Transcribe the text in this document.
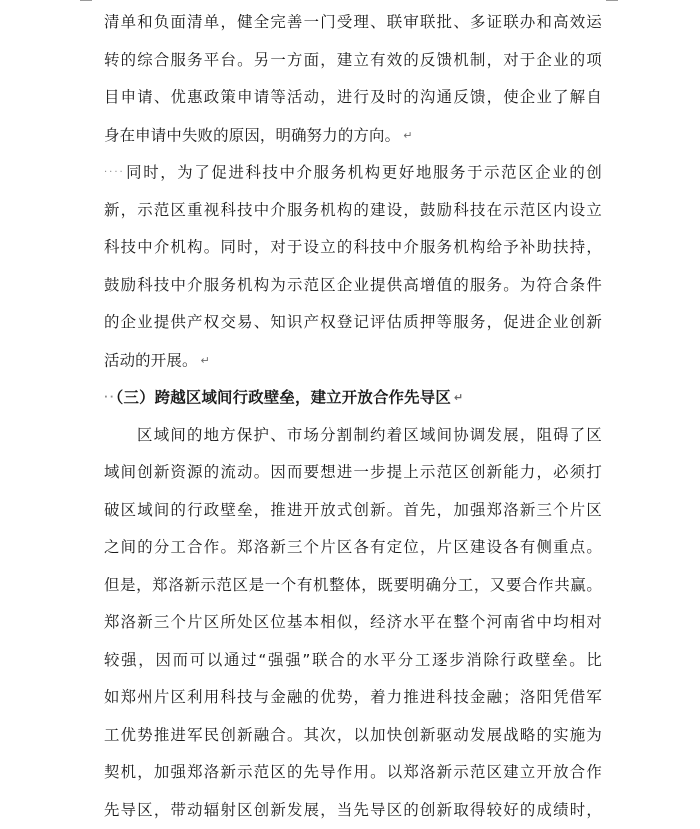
清单和负面清单，健全完善一门受理、联审联批、多证联办和高效运
转的综合服务平台。另一方面，建立有效的反馈机制，对于企业的项
目申请、优惠政策申请等活动，进行及时的沟通反馈，使企业了解自
身在申请中失败的原因，明确努力的方向。 ↵
····同时，为了促进科技中介服务机构更好地服务于示范区企业的创
新，示范区重视科技中介服务机构的建设，鼓励科技在示范区内设立
科技中介机构。同时，对于设立的科技中介服务机构给予补助扶持，
鼓励科技中介服务机构为示范区企业提供高增值的服务。为符合条件
的企业提供产权交易、知识产权登记评估质押等服务，促进企业创新
活动的开展。 ↵
··（三）跨越区域间行政壁垒，建立开放合作先导区 ↵
区域间的地方保护、市场分割制约着区域间协调发展，阻碍了区
域间创新资源的流动。因而要想进一步提上示范区创新能力，必须打
破区域间的行政壁垒，推进开放式创新。首先，加强郑洛新三个片区
之间的分工合作。郑洛新三个片区各有定位，片区建设各有侧重点。
但是，郑洛新示范区是一个有机整体，既要明确分工，又要合作共赢。
郑洛新三个片区所处区位基本相似，经济水平在整个河南省中均相对
较强，因而可以通过“强强”联合的水平分工逐步消除行政壁垒。比
如郑州片区利用科技与金融的优势，着力推进科技金融；洛阳凭借军
工优势推进军民创新融合。其次，以加快创新驱动发展战略的实施为
契机，加强郑洛新示范区的先导作用。以郑洛新示范区建立开放合作
先导区，带动辐射区创新发展，当先导区的创新取得较好的成绩时，
